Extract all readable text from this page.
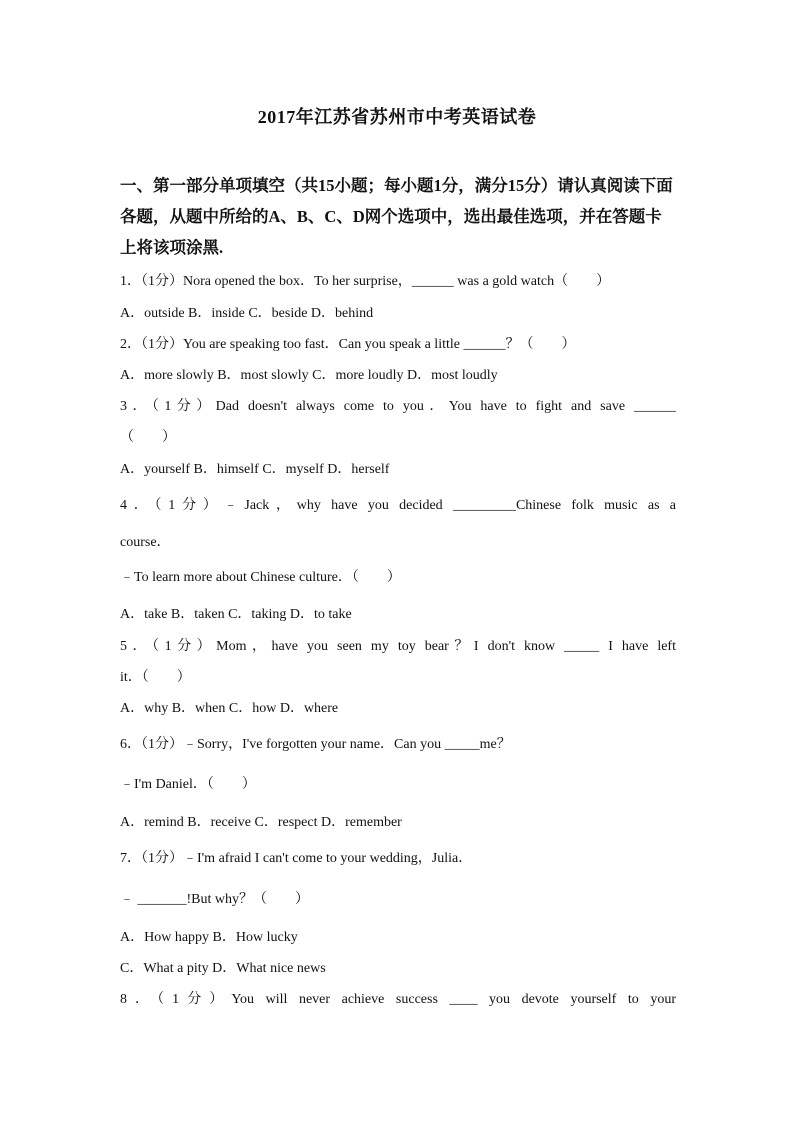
2017年江苏省苏州市中考英语试卷
一、第一部分单项填空（共15小题；每小题1分，满分15分）请认真阅读下面各题，从题中所给的A、B、C、D网个选项中，选出最佳选项，并在答题卡上将该项涂黑.
1．（1分）Nora opened the box．To her surprise，______ was a gold watch（　　）
A．outside B．inside C．beside D．behind
2．（1分）You are speaking too fast．Can you speak a little ______？（　　）
A．more slowly B．most slowly C．more loudly D．most loudly
3．（1分）Dad doesn't always come to you．You have to fight and save ______
（　　）
A．yourself B．himself C．myself D．herself
4．（1分）﹣Jack，why have you decided _________Chinese folk music as a
course．
﹣To learn more about Chinese culture．（　　）
A．take B．taken C．taking D．to take
5．（1分）Mom，have you seen my toy bear？I don't know _____ I have left
it．（　　）
A．why B．when C．how D．where
6．（1分）﹣Sorry，I've forgotten your name．Can you _____me？
﹣I'm Daniel．（　　）
A．remind B．receive C．respect D．remember
7．（1分）﹣I'm afraid I can't come to your wedding，Julia．
﹣ _______!But why？（　　）
A．How happy B．How lucky
C．What a pity D．What nice news
8．（1分）You will never achieve success ____ you devote yourself to your
